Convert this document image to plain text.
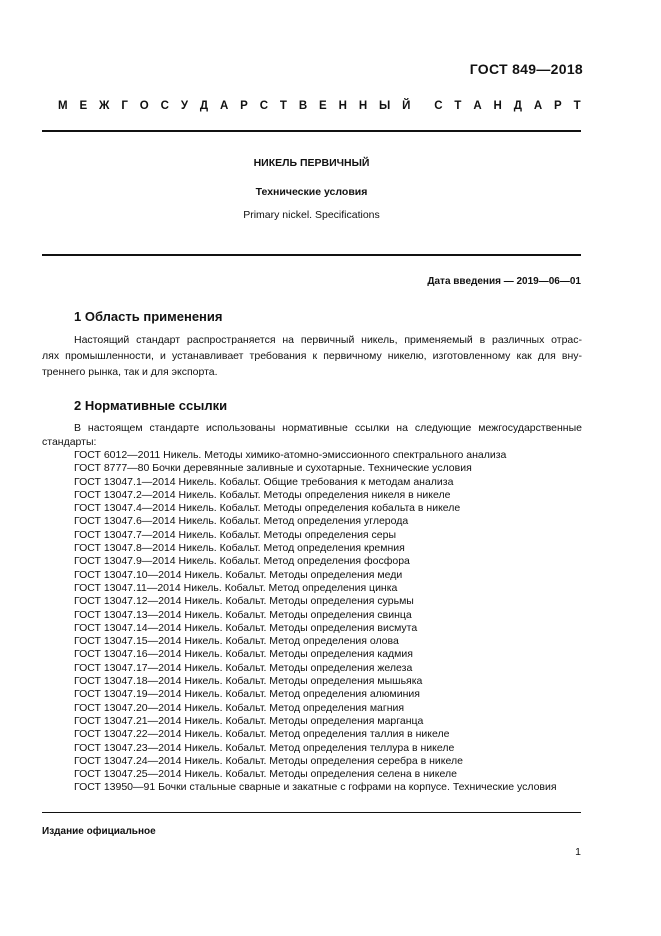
ГОСТ 849—2018
М Е Ж Г О С У Д А Р С Т В Е Н Н Ы Й С Т А Н Д А Р Т
НИКЕЛЬ ПЕРВИЧНЫЙ
Технические условия
Primary nickel. Specifications
Дата введения — 2019—06—01
1 Область применения
Настоящий стандарт распространяется на первичный никель, применяемый в различных отрас-
лях промышленности, и устанавливает требования к первичному никелю, изготовленному как для вну-
треннего рынка, так и для экспорта.
2 Нормативные ссылки
В настоящем стандарте использованы нормативные ссылки на следующие межгосударственные
стандарты:
ГОСТ 6012—2011 Никель. Методы химико-атомно-эмиссионного спектрального анализа
ГОСТ 8777—80 Бочки деревянные заливные и сухотарные. Технические условия
ГОСТ 13047.1—2014 Никель. Кобальт. Общие требования к методам анализа
ГОСТ 13047.2—2014 Никель. Кобальт. Методы определения никеля в никеле
ГОСТ 13047.4—2014 Никель. Кобальт. Методы определения кобальта в никеле
ГОСТ 13047.6—2014 Никель. Кобальт. Метод определения углерода
ГОСТ 13047.7—2014 Никель. Кобальт. Методы определения серы
ГОСТ 13047.8—2014 Никель. Кобальт. Метод определения кремния
ГОСТ 13047.9—2014 Никель. Кобальт. Метод определения фосфора
ГОСТ 13047.10—2014 Никель. Кобальт. Методы определения меди
ГОСТ 13047.11—2014 Никель. Кобальт. Метод определения цинка
ГОСТ 13047.12—2014 Никель. Кобальт. Методы определения сурьмы
ГОСТ 13047.13—2014 Никель. Кобальт. Методы определения свинца
ГОСТ 13047.14—2014 Никель. Кобальт. Методы определения висмута
ГОСТ 13047.15—2014 Никель. Кобальт. Метод определения олова
ГОСТ 13047.16—2014 Никель. Кобальт. Методы определения кадмия
ГОСТ 13047.17—2014 Никель. Кобальт. Методы определения железа
ГОСТ 13047.18—2014 Никель. Кобальт. Методы определения мышьяка
ГОСТ 13047.19—2014 Никель. Кобальт. Метод определения алюминия
ГОСТ 13047.20—2014 Никель. Кобальт. Метод определения магния
ГОСТ 13047.21—2014 Никель. Кобальт. Методы определения марганца
ГОСТ 13047.22—2014 Никель. Кобальт. Метод определения таллия в никеле
ГОСТ 13047.23—2014 Никель. Кобальт. Метод определения теллура в никеле
ГОСТ 13047.24—2014 Никель. Кобальт. Методы определения серебра в никеле
ГОСТ 13047.25—2014 Никель. Кобальт. Методы определения селена в никеле
ГОСТ 13950—91 Бочки стальные сварные и закатные с гофрами на корпусе. Технические условия
Издание официальное
1
